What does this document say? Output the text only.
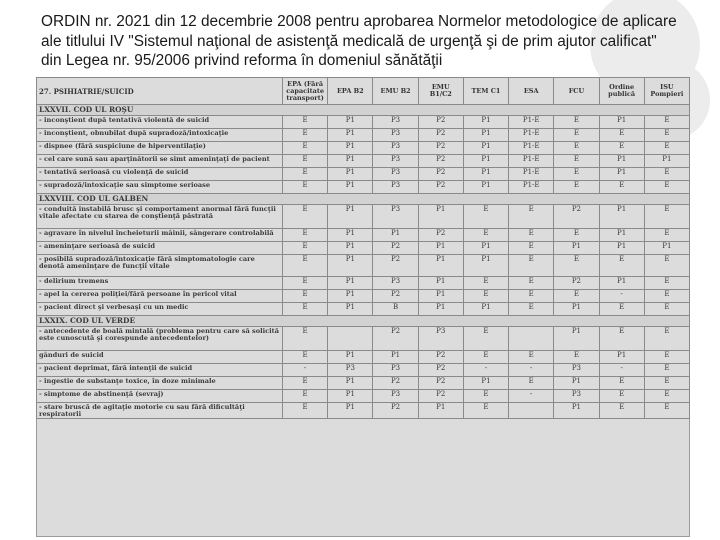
ORDIN nr. 2021 din 12 decembrie 2008 pentru aprobarea Normelor metodologice de aplicare ale titlului IV "Sistemul naţional de asistenţă medicală de urgenţă şi de prim ajutor calificat" din Legea nr. 95/2006 privind reforma în domeniul sănătăţii
27. PSIHIATRIE/SUICID	EPA (Fără capacitate transport)	EPA B2	EMU B2	EMU B1/C2	TEM C1	ESA	FCU	Ordine publică	ISU Pompieri
LXXVII. COD UL ROŞU									
- inconştient după tentativă violentă de suicid	E	P1	P3	P2	P1	P1-E	E	P1	E
- inconştient, obnubilat după supradoză/intoxicaţie	E	P1	P3	P2	P1	P1-E	E	E	E
- dispnee (fără suspiciune de hiperventilaţie)	E	P1	P3	P2	P1	P1-E	E	E	E
- cel care sună sau aparţinătorii se simt ameninţaţi de pacient	E	P1	P3	P2	P1	P1-E	E	P1	P1
- tentativă serioasă cu violenţă de suicid	E	P1	P3	P2	P1	P1-E	E	P1	E
- supradoză/intoxicaţie sau simptome serioase	E	P1	P3	P2	P1	P1-E	E	E	E
LXXVIII. COD UL GALBEN									
- conduită instabilă brusc şi comportament anormal fără funcţii vitale afectate cu starea de conştienţă păstrată	E	P1	P3	P1	E	E	P2	P1	E
- agravare în nivelul încheieturii mâinii, sângerare controlabilă	E	P1	P1	P2	E	E	E	P1	E
- ameninţare serioasă de suicid	E	P1	P2	P1	P1	E	P1	P1	P1
- posibilă supradoză/intoxicaţie fără simptomatologie care denotă ameninţare de funcţii vitale	E	P1	P2	P1	P1	E	E	E	E
- delirium tremens	E	P1	P3	P1	E	E	P2	P1	E
- apel la cererea poliţiei/fără persoane în pericol vital	E	P1	P2	P1	E	E	E	-	E
- pacient direct şi verbesaşi cu un medic	E	P1	B	P1	P1	E	P1	E	E
LXXIX. COD UL VERDE									
- antecedente de boală mintală (problema pentru care să solicită este cunoscută şi corespunde antecedentelor)	E		P2	P3	E		P1	E	E
gânduri de suicid	E	P1	P1	P2	E	E	E	P1	E
- pacient deprimat, fără intenţii de suicid	-	P3	P3	P2	-	-	P3	-	E
- ingestie de substanţe toxice, în doze minimale	E	P1	P2	P2	P1	E	P1	E	E
- simptome de abstinenţă (sevraj)	E	P1	P3	P2	E	-	P3	E	E
- stare bruscă de agitaţie motorie cu sau fără dificultăţi respiratorii	E	P1	P2	P1	E		P1	E	E
